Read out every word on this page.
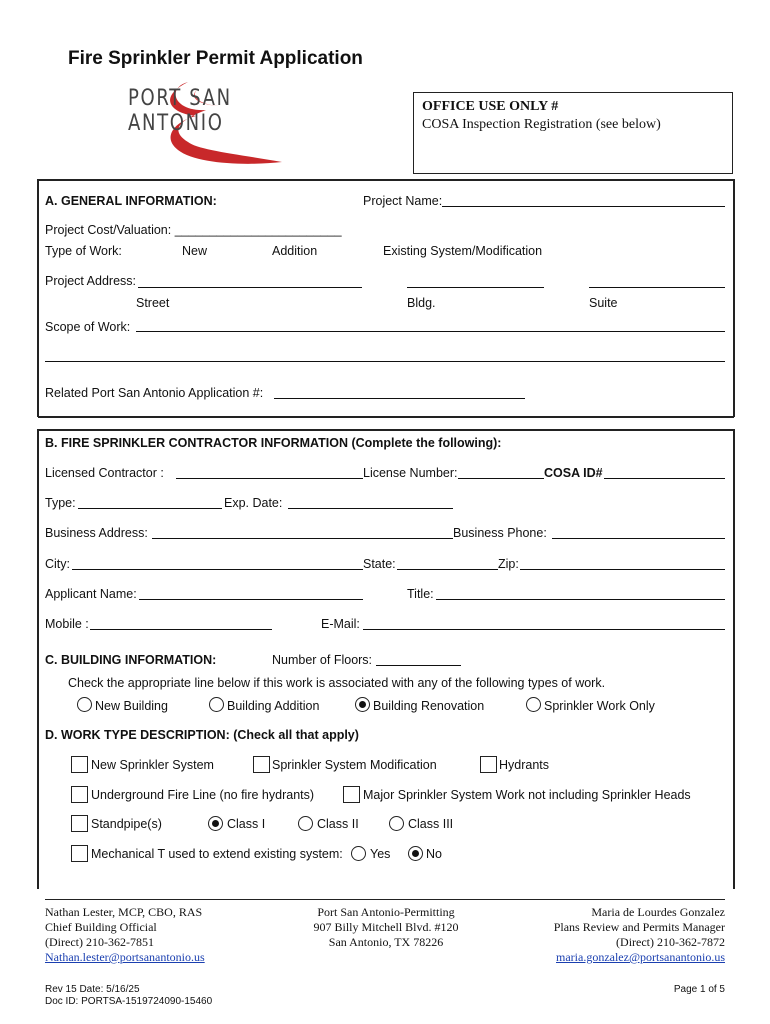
Fire Sprinkler Permit Application
PORT SAN ANTONIO
OFFICE USE ONLY #
COSA Inspection Registration (see below)
A. GENERAL INFORMATION:	Project Name:
Project Cost/Valuation: ________________________
Type of Work:	New	Addition	Existing System/Modification
Project Address:
Street	Bldg.	Suite
Scope of Work:
Related Port San Antonio Application #:
B. FIRE SPRINKLER CONTRACTOR INFORMATION (Complete the following):
Licensed Contractor :	License Number:	COSA ID#
Type:	Exp. Date:
Business Address:	Business Phone:
City:	State:	Zip:
Applicant Name:	Title:
Mobile :	E-Mail:
C. BUILDING INFORMATION:	Number of Floors:
Check the appropriate line below if this work is associated with any of the following types of work.
New Building	Building Addition	Building Renovation	Sprinkler Work Only
D. WORK TYPE DESCRIPTION: (Check all that apply)
New Sprinkler System	Sprinkler System Modification	Hydrants
Underground Fire Line (no fire hydrants)	Major Sprinkler System Work not including Sprinkler Heads
Standpipe(s)	Class I	Class II	Class III
Mechanical T used to extend existing system: Yes	No
Nathan Lester, MCP, CBO, RAS
Chief Building Official
(Direct) 210-362-7851
Nathan.lester@portsanantonio.us
Port San Antonio-Permitting
907 Billy Mitchell Blvd. #120
San Antonio, TX 78226
Maria de Lourdes Gonzalez
Plans Review and Permits Manager
(Direct) 210-362-7872
maria.gonzalez@portsanantonio.us
Rev 15 Date: 5/16/25
Doc ID: PORTSA-1519724090-15460
Page 1 of 5
